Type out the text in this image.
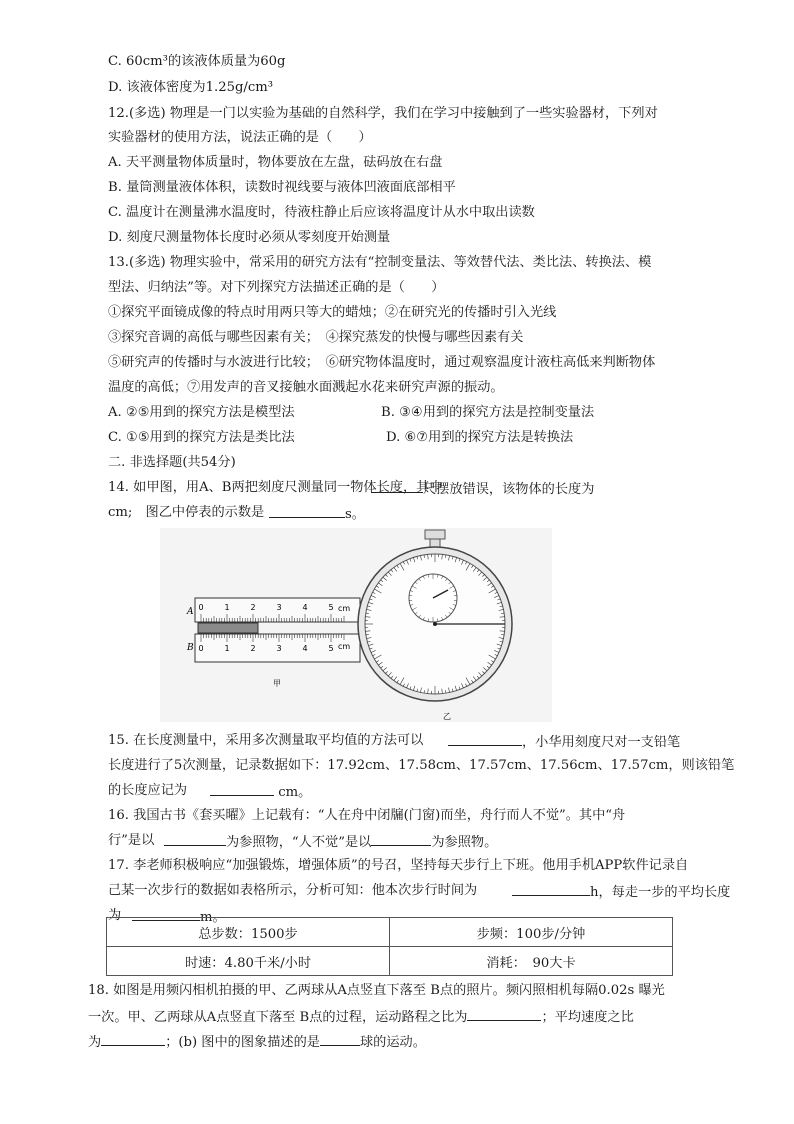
C. 60cm³的该液体质量为60g
D. 该液体密度为1.25g/cm³
12.(多选) 物理是一门以实验为基础的自然科学，我们在学习中接触到了一些实验器材，下列对
实验器材的使用方法，说法正确的是（　　）
A. 天平测量物体质量时，物体要放在左盘，砝码放在右盘
B. 量筒测量液体体积，读数时视线要与液体凹液面底部相平
C. 温度计在测量沸水温度时，待液柱静止后应该将温度计从水中取出读数
D. 刻度尺测量物体长度时必须从零刻度开始测量
13.(多选) 物理实验中，常采用的研究方法有“控制变量法、等效替代法、类比法、转换法、模
型法、归纳法”等。对下列探究方法描述正确的是（　　）
①探究平面镜成像的特点时用两只等大的蜡烛；②在研究光的传播时引入光线
③探究音调的高低与哪些因素有关；　④探究蒸发的快慢与哪些因素有关
⑤研究声的传播时与水波进行比较；　⑥研究物体温度时，通过观察温度计液柱高低来判断物体
温度的高低；⑦用发声的音叉接触水面溅起水花来研究声源的振动。
A. ②⑤用到的探究方法是模型法
C. ①⑤用到的探究方法是类比法
二. 非选择题(共54分)
14. 如甲图，用A、B两把刻度尺测量同一物体长度，其中
cm;　图乙中停表的示数是
15. 在长度测量中，采用多次测量取平均值的方法可以
长度进行了5次测量，记录数据如下：17.92cm、17.58cm、17.57cm、17.56cm、17.57cm，则该铅笔
的长度应记为
16. 我国古书《套买曜》上记载有：“人在舟中闭牖(门窗)而坐，舟行而人不觉”。其中“舟
行”是以
17. 李老师积极响应“加强锻炼，增强体质”的号召，坚持每天步行上下班。他用手机APP软件记录自
己某一次步行的数据如表格所示，分析可知：他本次步行时间为
为
B. ③④用到的探究方法是控制变量法
D. ⑥⑦用到的探究方法是转换法
尺摆放错误，该物体的长度为
s。
，小华用刻度尺对一支铅笔
cm。
为参照物，“人不觉”是以	为参照物。
h，每走一步的平均长度
m。
0	1	2	3	4	5
A	cm
0	1	2	3	4	5
B	cm
甲
乙
总步数：1500步	步频：100步/分钟
时速：4.80千米/小时	消耗：　90大卡
18. 如图是用频闪相机拍摄的甲、乙两球从A点竖直下落至 B点的照片。频闪照相机每隔0.02s 曝光
一次。甲、乙两球从A点竖直下落至 B点的过程，运动路程之比为	；平均速度之比
为	；(b) 图中的图象描述的是	球的运动。
